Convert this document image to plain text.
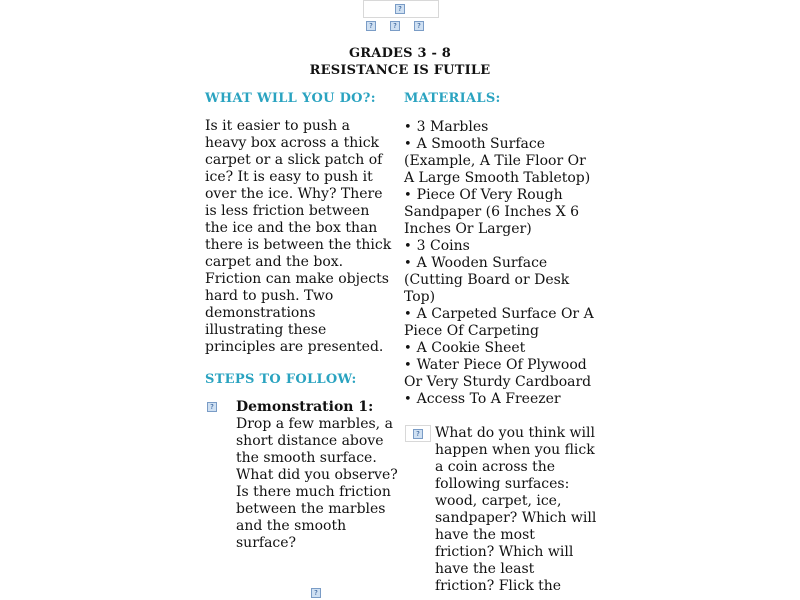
?
?	?	?
GRADES 3 - 8
RESISTANCE IS FUTILE
WHAT WILL YOU DO?:
Is it easier to push a heavy box across a thick carpet or a slick patch of ice? It is easy to push it over the ice. Why? There is less friction between the ice and the box than there is between the thick carpet and the box. Friction can make objects hard to push. Two demonstrations illustrating these principles are presented.
STEPS TO FOLLOW:
? Demonstration 1: Drop a few marbles, a short distance above the smooth surface. What did you observe? Is there much friction between the marbles and the smooth surface?
?
MATERIALS:
• 3 Marbles
• A Smooth Surface (Example, A Tile Floor Or A Large Smooth Tabletop)
• Piece Of Very Rough Sandpaper (6 Inches X 6 Inches Or Larger)
• 3 Coins
• A Wooden Surface (Cutting Board or Desk Top)
• A Carpeted Surface Or A Piece Of Carpeting
• A Cookie Sheet
• Water Piece Of Plywood Or Very Sturdy Cardboard
• Access To A Freezer
? What do you think will happen when you flick a coin across the following surfaces: wood, carpet, ice, sandpaper? Which will have the most friction? Which will have the least friction? Flick the
